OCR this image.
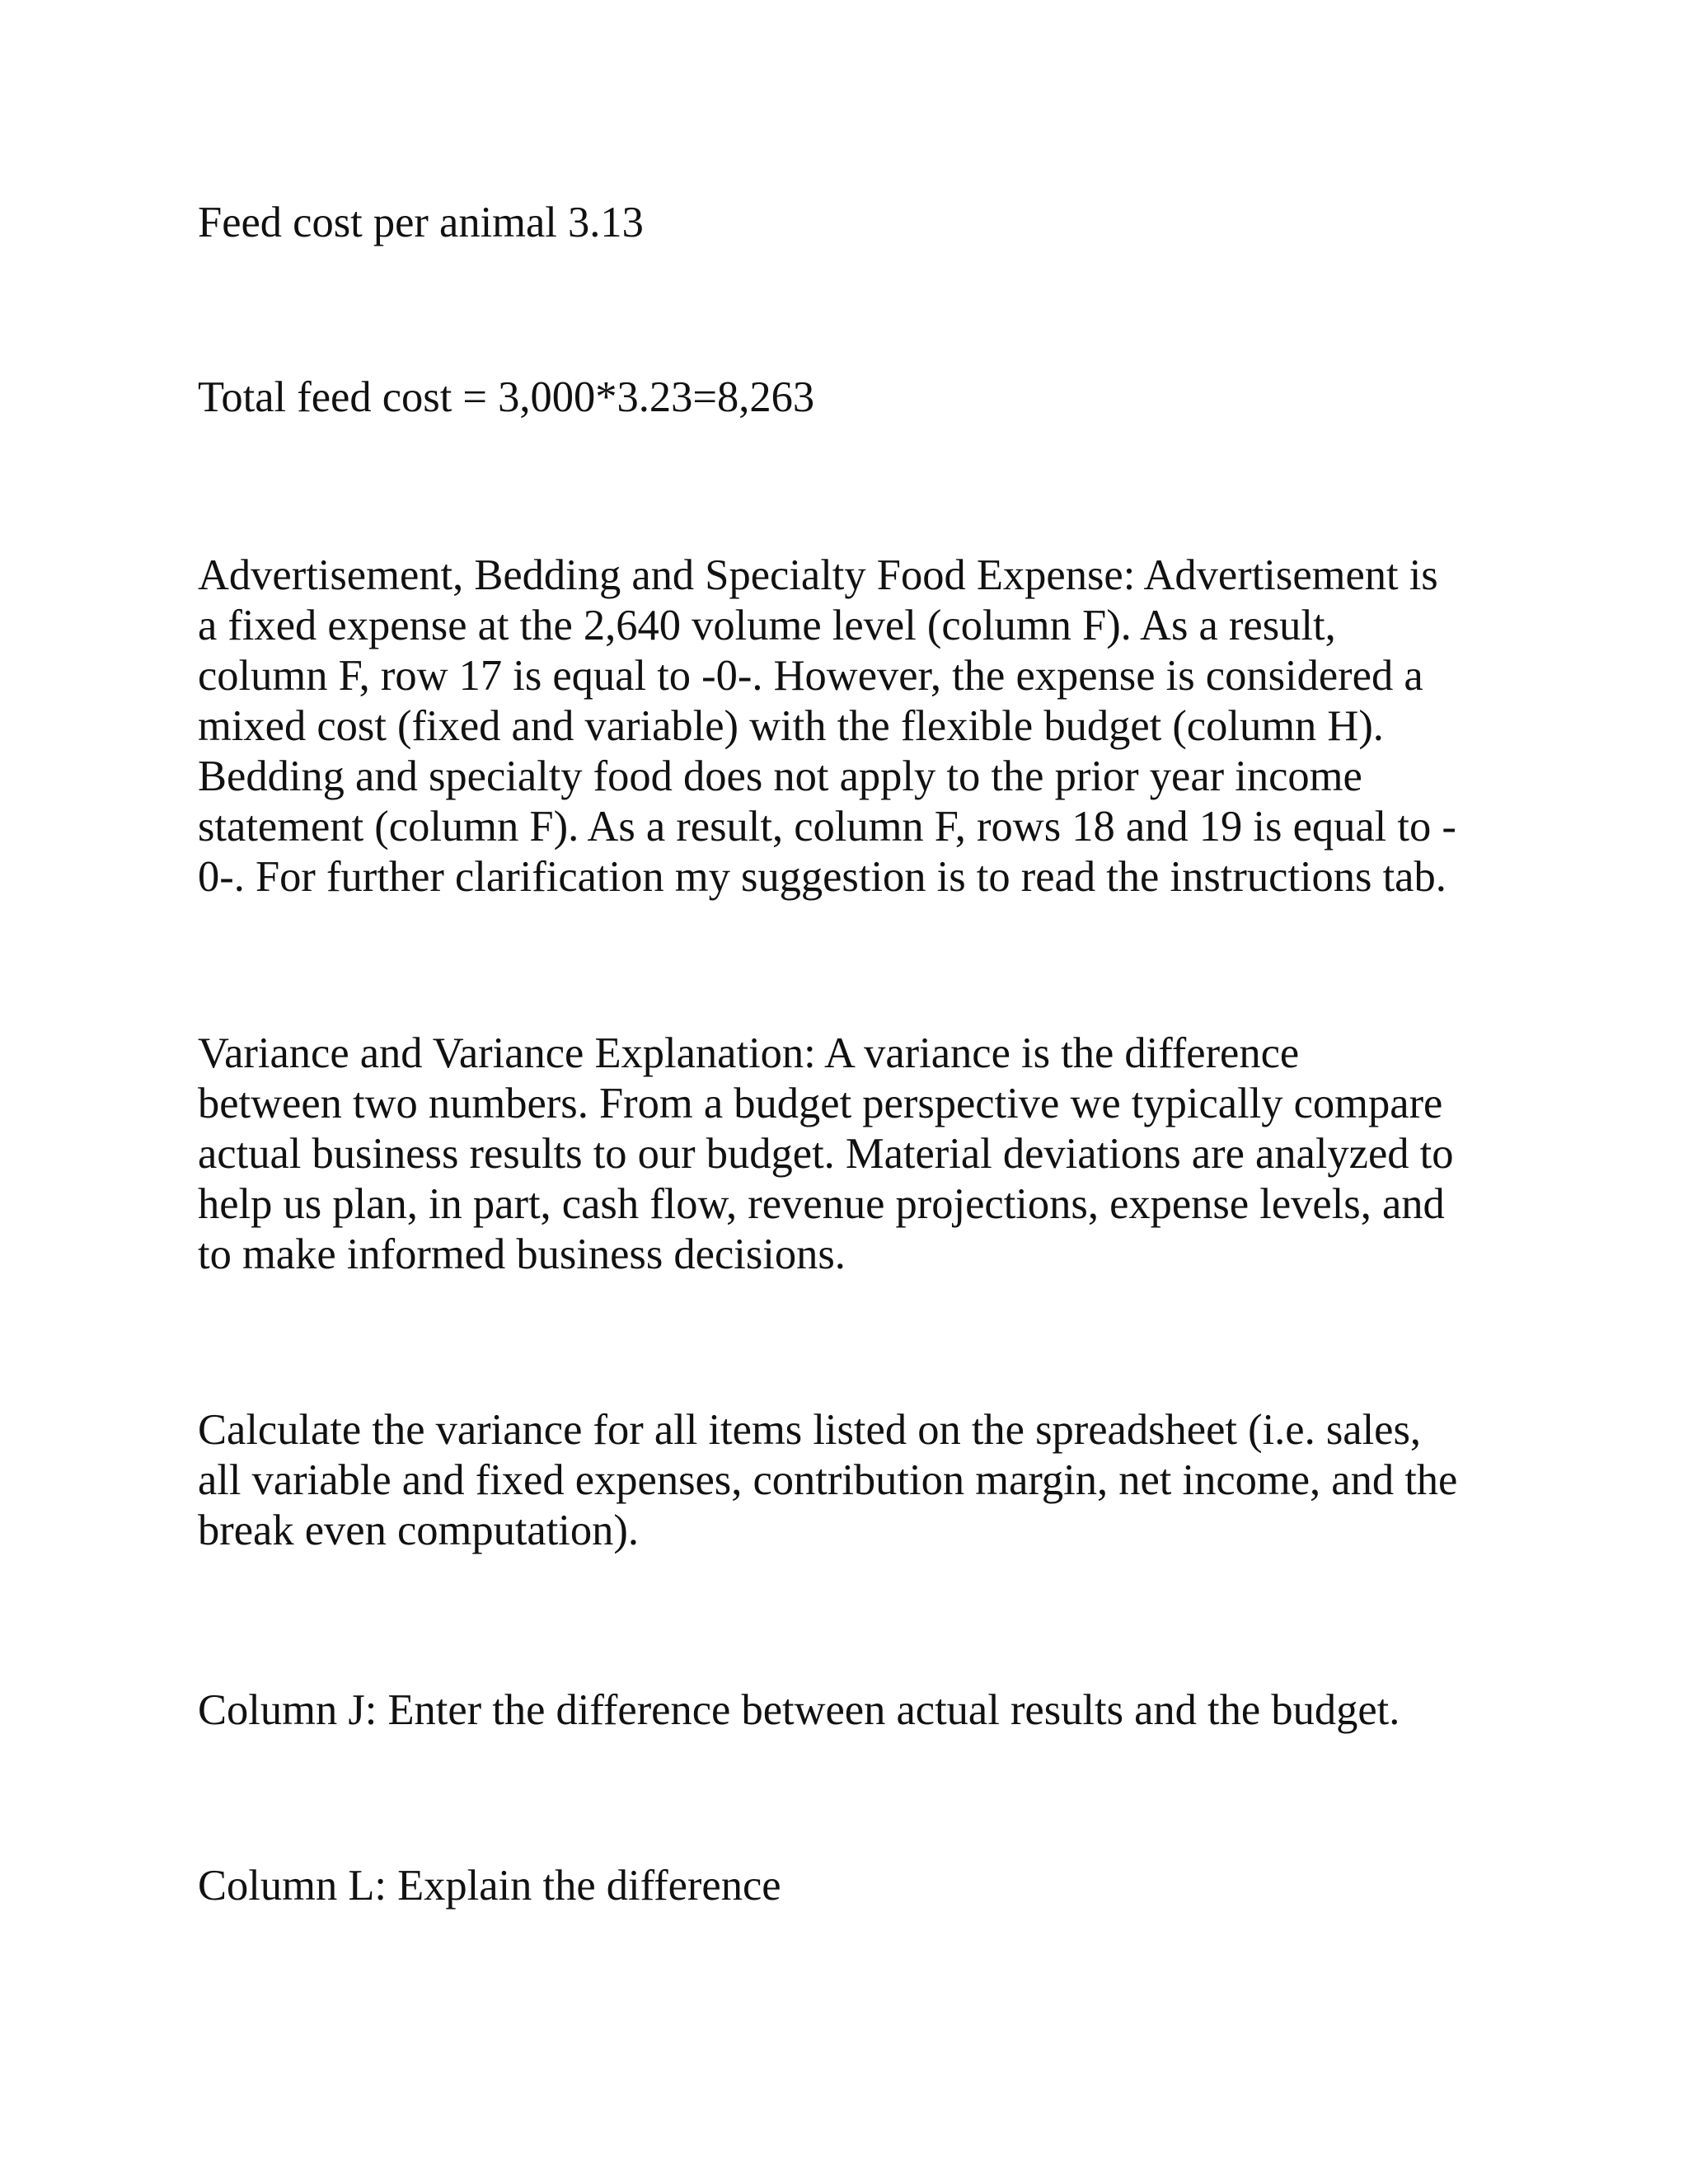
Feed cost per animal 3.13

Total feed cost = 3,000*3.23=8,263

Advertisement, Bedding and Specialty Food Expense: Advertisement is
a fixed expense at the 2,640 volume level (column F). As a result,
column F, row 17 is equal to -0-. However, the expense is considered a
mixed cost (fixed and variable) with the flexible budget (column H).
Bedding and specialty food does not apply to the prior year income
statement (column F). As a result, column F, rows 18 and 19 is equal to -
0-. For further clarification my suggestion is to read the instructions tab.

Variance and Variance Explanation: A variance is the difference
between two numbers. From a budget perspective we typically compare
actual business results to our budget. Material deviations are analyzed to
help us plan, in part, cash flow, revenue projections, expense levels, and
to make informed business decisions.

Calculate the variance for all items listed on the spreadsheet (i.e. sales,
all variable and fixed expenses, contribution margin, net income, and the
break even computation).

Column J: Enter the difference between actual results and the budget.

Column L: Explain the difference
